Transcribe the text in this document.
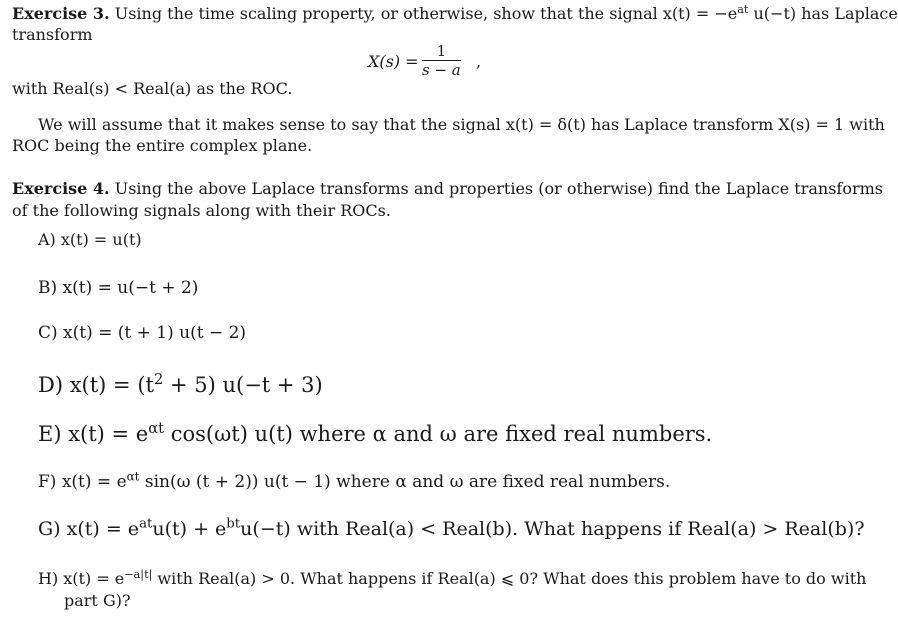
Exercise 3. Using the time scaling property, or otherwise, show that the signal $x(t) = -e^{at}$ u(−t) has Laplace
transform
$X(s) = \frac{1}{s - a}$ ,
with Real(s) < Real(a) as the ROC.
We will assume that it makes sense to say that the signal x(t) = δ(t) has Laplace transform X(s) = 1 with
ROC being the entire complex plane.
Exercise 4. Using the above Laplace transforms and properties (or otherwise) find the Laplace transforms
of the following signals along with their ROCs.
A) x(t) = u(t)
B) x(t) = u(−t + 2)
C) x(t) = (t + 1) u(t − 2)
D) $x(t) = (t^2 + 5) u(-t + 3)$
E) $x(t) = e^{\alpha t}$ cos(ωt) u(t) where α and ω are fixed real numbers.
F) $x(t) = e^{\alpha t}$ sin(ω (t + 2)) u(t − 1) where α and ω are fixed real numbers.
G) $x(t) = e^{at}u(t) + e^{bt}u(-t)$ with Real(a) < Real(b). What happens if Real(a) > Real(b)?
H) $x(t) = e^{-a|t|}$ with Real(a) > 0. What happens if Real(a) ⩽ 0? What does this problem have to do with
part G)?
